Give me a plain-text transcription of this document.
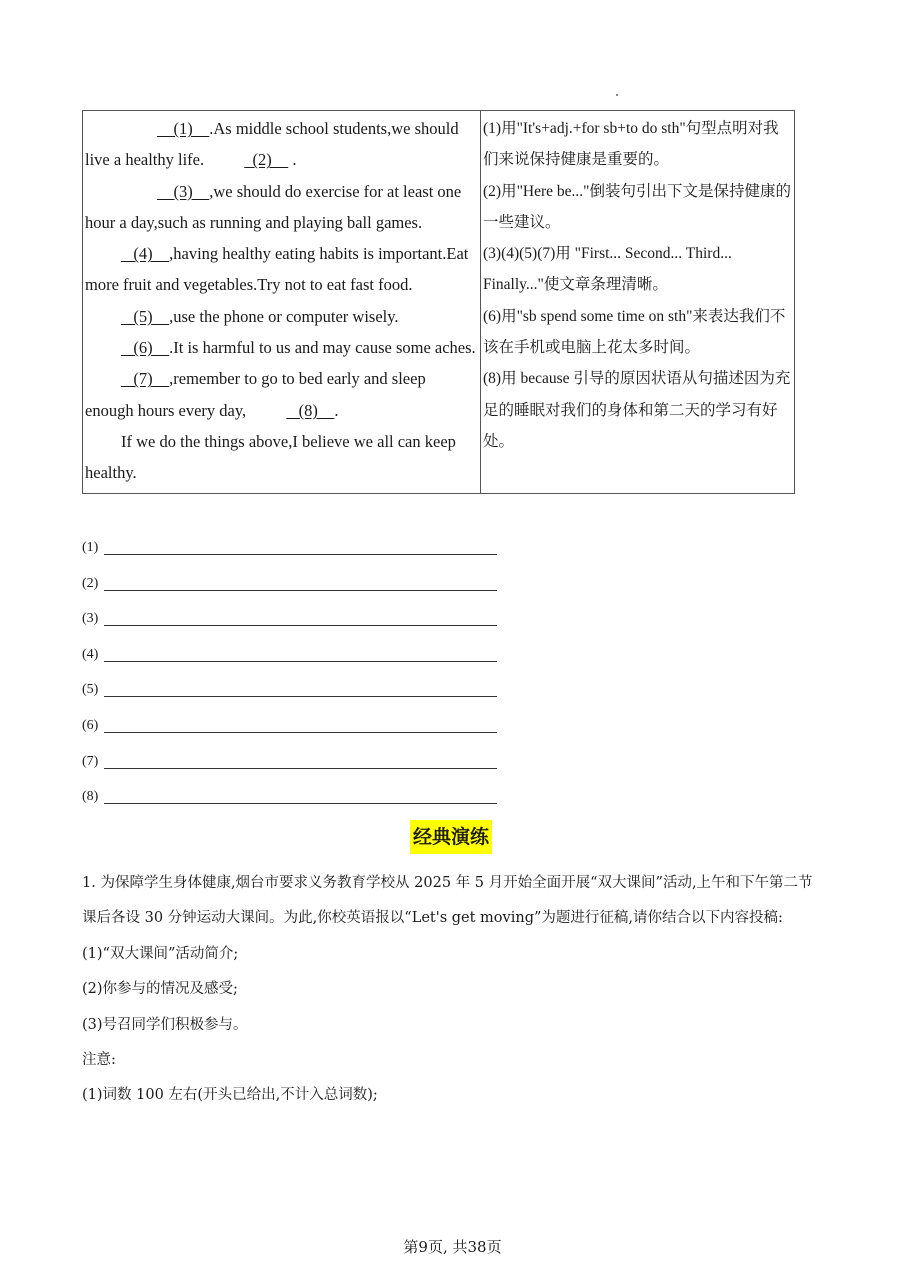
(1)    .As middle school students,we should live a healthy life.   (2)     .

(3)    ,we should do exercise for at least one hour a day,such as running and playing ball games.    (4)    ,having healthy eating habits is important.Eat more fruit and vegetables.Try not to eat fast food.    (5)    ,use the phone or computer wisely.    (6)    .It is harmful to us and may cause some aches.    (7)    ,remember to go to bed early and sleep enough hours every day,    (8)    .

If we do the things above,I believe we all can keep healthy.

(1)用"It's+adj.+for sb+to do sth"句型点明对我们来说保持健康是重要的。
(2)用"Here be..."倒装句引出下文是保持健康的一些建议。
(3)(4)(5)(7)用 "First... Second... Third... Finally..."使文章条理清晰。
(6)用"sb spend some time on sth"来表达我们不该在手机或电脑上花太多时间。
(8)用 because 引导的原因状语从句描述因为充足的睡眠对我们的身体和第二天的学习有好处。
(1)
(2)
(3)
(4)
(5)
(6)
(7)
(8)
经典演练

1. 为保障学生身体健康,烟台市要求义务教育学校从 2025 年 5 月开始全面开展“双大课间”活动,上午和下午第二节课后各设 30 分钟运动大课间。为此,你校英语报以“Let's get moving”为题进行征稿,请你结合以下内容投稿:

(1)“双大课间”活动简介;

(2)你参与的情况及感受;

(3)号召同学们积极参与。

注意:

(1)词数 100 左右(开头已给出,不计入总词数);

第9页, 共38页
